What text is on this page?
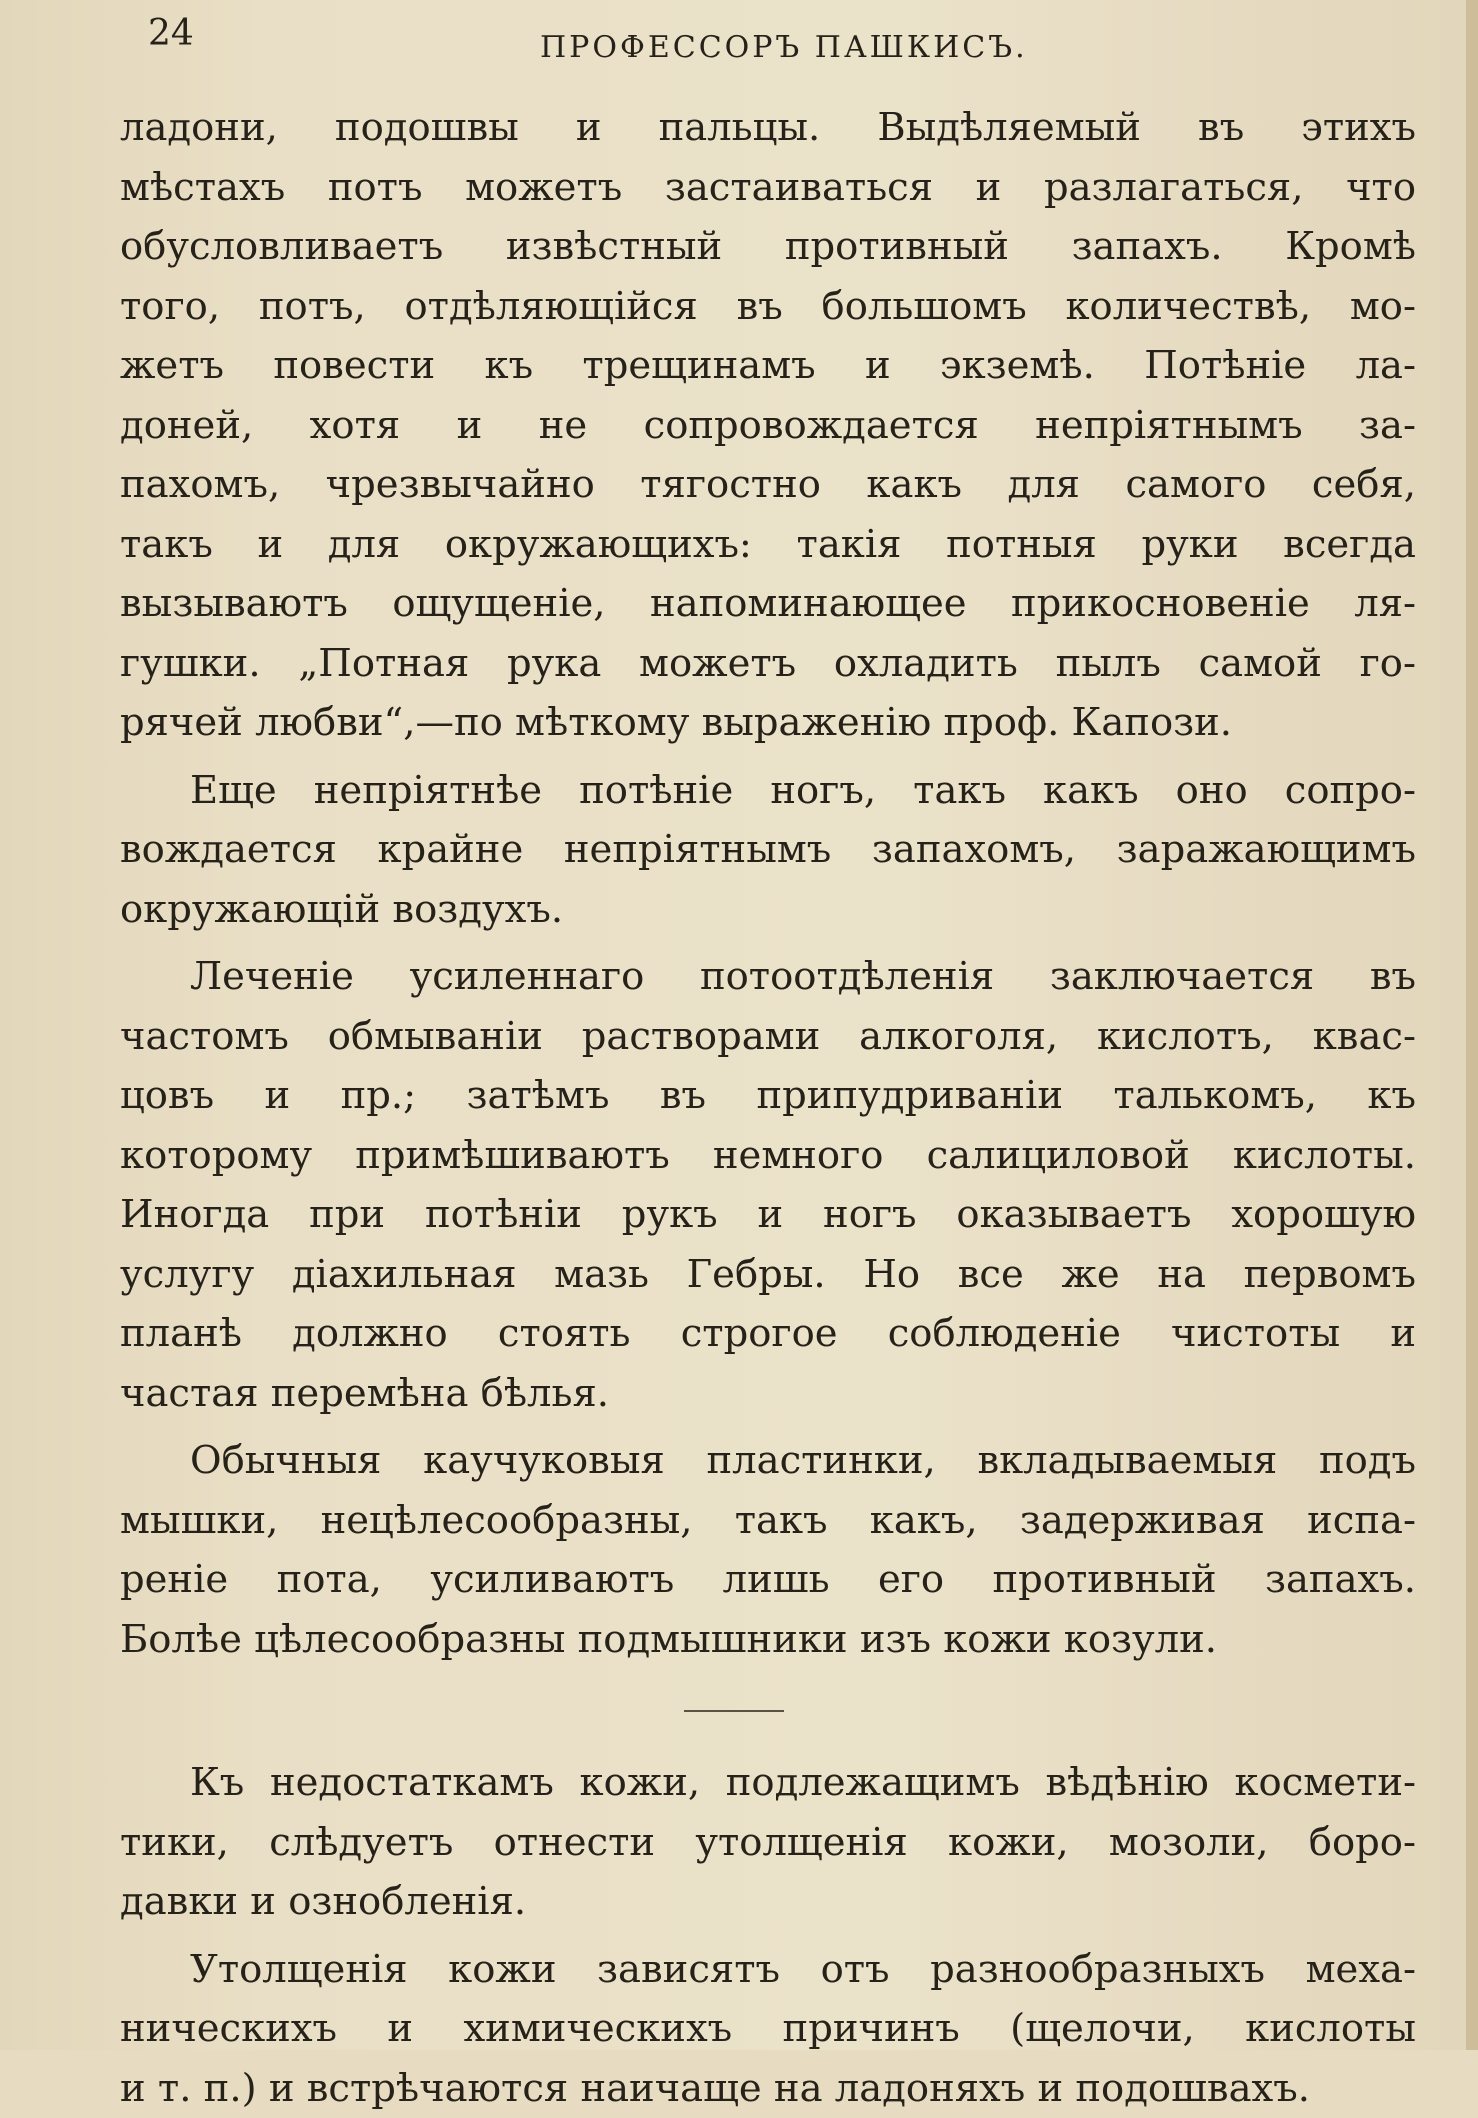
24	ПРОФЕССОРЪ ПАШКИСЪ.
ладони, подошвы и пальцы. Выдѣляемый въ этихъ
мѣстахъ потъ можетъ застаиваться и разлагаться, что
обусловливаетъ извѣстный противный запахъ. Кромѣ
того, потъ, отдѣляющійся въ большомъ количествѣ, мо-
жетъ повести къ трещинамъ и экземѣ. Потѣніе ла-
доней, хотя и не сопровождается непріятнымъ за-
пахомъ, чрезвычайно тягостно какъ для самого себя,
такъ и для окружающихъ: такія потныя руки всегда
вызываютъ ощущеніе, напоминающее прикосновеніе ля-
гушки. „Потная рука можетъ охладить пылъ самой го-
рячей любви“,—по мѣткому выраженію проф. Капози.
Еще непріятнѣе потѣніе ногъ, такъ какъ оно сопро-
вождается крайне непріятнымъ запахомъ, заражающимъ
окружающій воздухъ.
Леченіе усиленнаго потоотдѣленія заключается въ
частомъ обмываніи растворами алкоголя, кислотъ, квас-
цовъ и пр.; затѣмъ въ припудриваніи талькомъ, къ
которому примѣшиваютъ немного салициловой кислоты.
Иногда при потѣніи рукъ и ногъ оказываетъ хорошую
услугу діахильная мазь Гебры. Но все же на первомъ
планѣ должно стоять строгое соблюденіе чистоты и
частая перемѣна бѣлья.
Обычныя каучуковыя пластинки, вкладываемыя подъ
мышки, нецѣлесообразны, такъ какъ, задерживая испа-
реніе пота, усиливаютъ лишь его противный запахъ.
Болѣе цѣлесообразны подмышники изъ кожи козули.
Къ недостаткамъ кожи, подлежащимъ вѣдѣнію космети-
тики, слѣдуетъ отнести утолщенія кожи, мозоли, боро-
давки и ознобленія.
Утолщенія кожи зависятъ отъ разнообразныхъ меха-
ническихъ и химическихъ причинъ (щелочи, кислоты
и т. п.) и встрѣчаются наичаще на ладоняхъ и подошвахъ.
